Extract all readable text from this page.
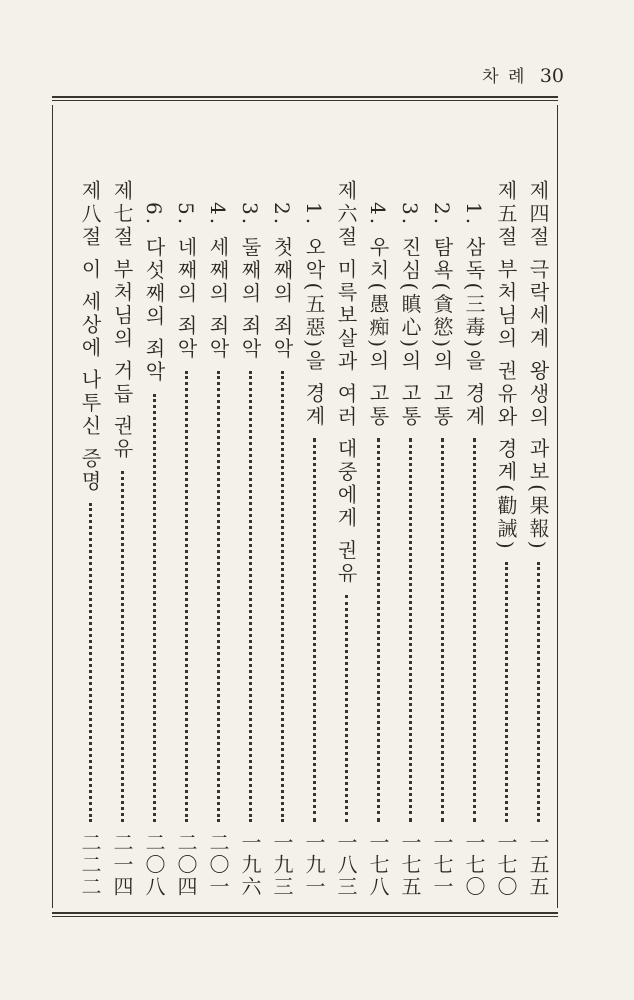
차 례 30
제四절 극락세계 왕생의 과보(果報)
一五五
제五절 부처님의 권유와 경계(勸誡)
一七〇
1. 삼독(三毒)을 경계
一七〇
2. 탐욕(貪慾)의 고통
一七一
3. 진심(瞋心)의 고통
一七五
4. 우치(愚痴)의 고통
一七八
제六절 미륵보살과 여러 대중에게 권유
一八三
1. 오악(五惡)을 경계
一九一
2. 첫째의 죄악
一九三
3. 둘째의 죄악
一九六
4. 세째의 죄악
二〇一
5. 네째의 죄악
二〇四
6. 다섯째의 죄악
二〇八
제七절 부처님의 거듭 권유
二一四
제八절 이 세상에 나투신 증명
二二二
